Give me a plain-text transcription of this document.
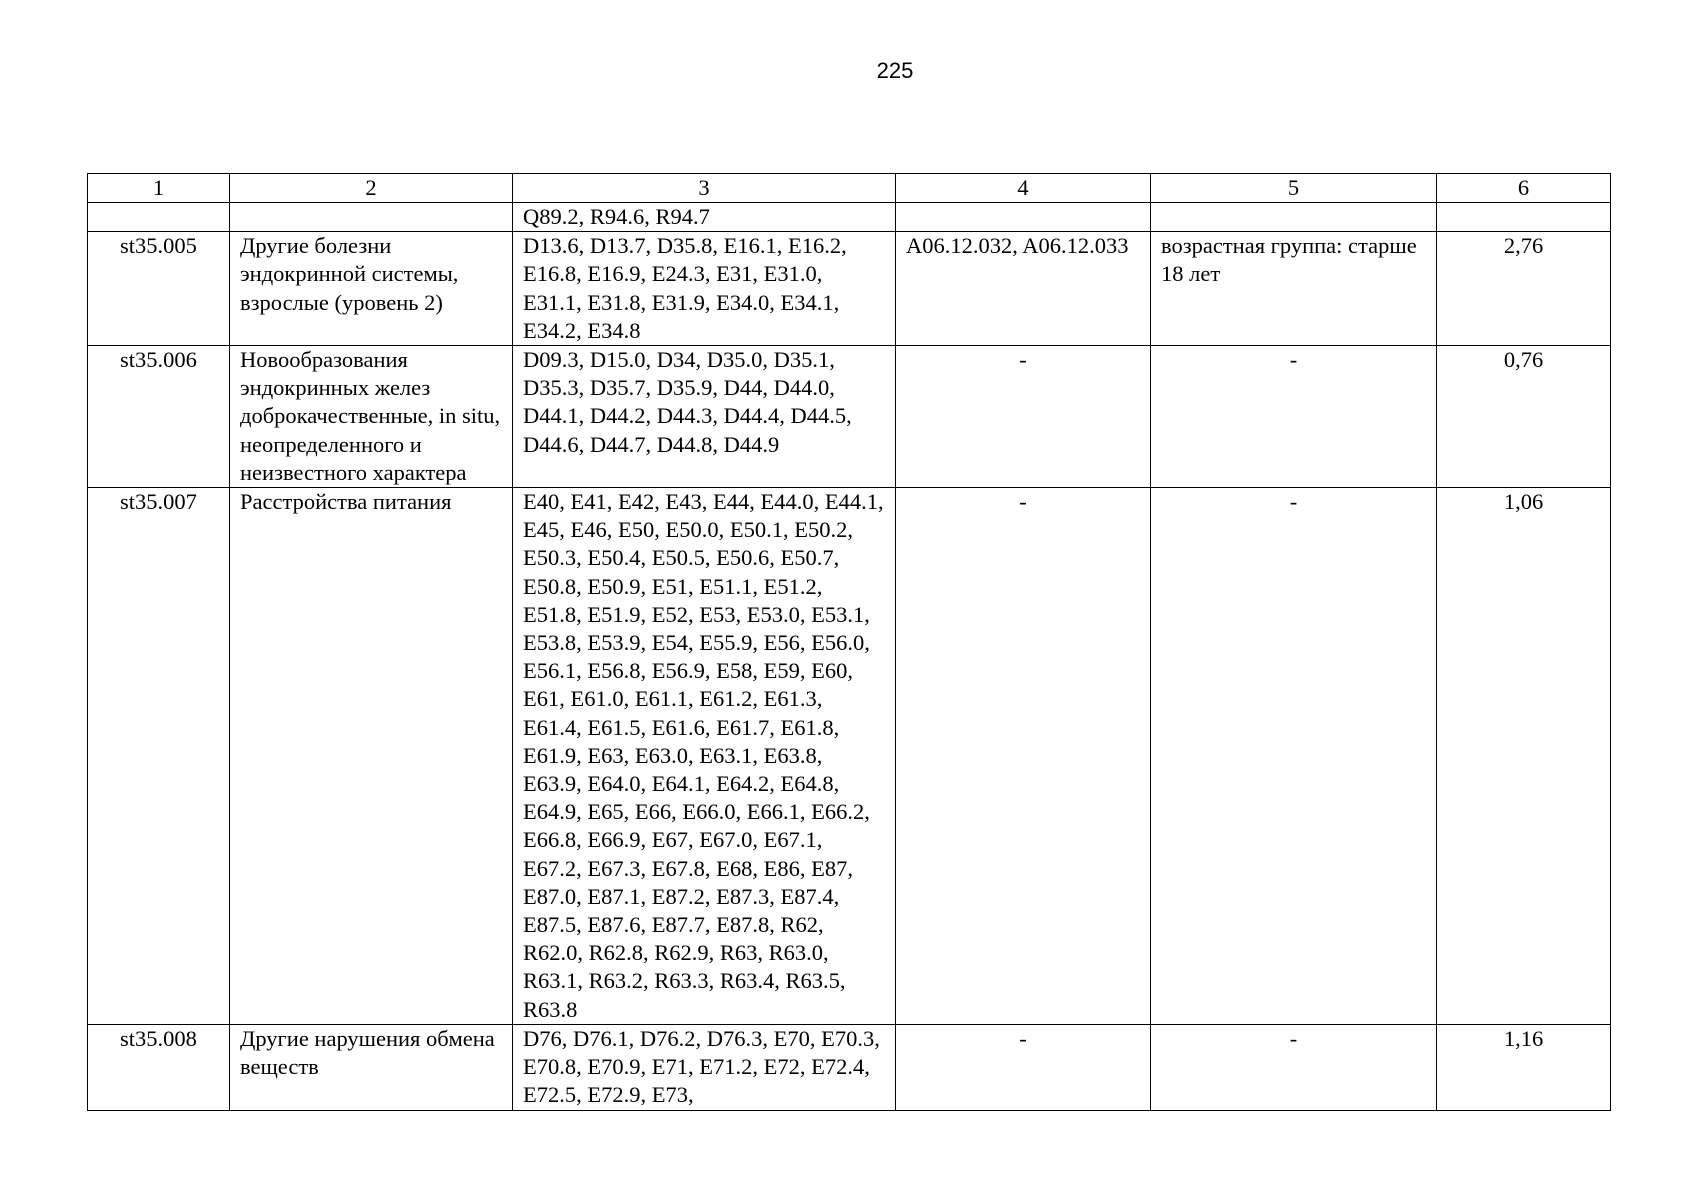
225
1	2	3	4	5	6
		Q89.2, R94.6, R94.7			
st35.005	Другие болезни эндокринной системы, взрослые (уровень 2)	D13.6, D13.7, D35.8, E16.1, E16.2, E16.8, E16.9, E24.3, E31, E31.0, E31.1, E31.8, E31.9, E34.0, E34.1, E34.2, E34.8	A06.12.032, A06.12.033	возрастная группа: старше 18 лет	2,76
st35.006	Новообразования эндокринных желез доброкачественные, in situ, неопределенного и неизвестного характера	D09.3, D15.0, D34, D35.0, D35.1, D35.3, D35.7, D35.9, D44, D44.0, D44.1, D44.2, D44.3, D44.4, D44.5, D44.6, D44.7, D44.8, D44.9	-	-	0,76
st35.007	Расстройства питания	E40, E41, E42, E43, E44, E44.0, E44.1, E45, E46, E50, E50.0, E50.1, E50.2, E50.3, E50.4, E50.5, E50.6, E50.7, E50.8, E50.9, E51, E51.1, E51.2, E51.8, E51.9, E52, E53, E53.0, E53.1, E53.8, E53.9, E54, E55.9, E56, E56.0, E56.1, E56.8, E56.9, E58, E59, E60, E61, E61.0, E61.1, E61.2, E61.3, E61.4, E61.5, E61.6, E61.7, E61.8, E61.9, E63, E63.0, E63.1, E63.8, E63.9, E64.0, E64.1, E64.2, E64.8, E64.9, E65, E66, E66.0, E66.1, E66.2, E66.8, E66.9, E67, E67.0, E67.1, E67.2, E67.3, E67.8, E68, E86, E87, E87.0, E87.1, E87.2, E87.3, E87.4, E87.5, E87.6, E87.7, E87.8, R62, R62.0, R62.8, R62.9, R63, R63.0, R63.1, R63.2, R63.3, R63.4, R63.5, R63.8	-	-	1,06
st35.008	Другие нарушения обмена веществ	D76, D76.1, D76.2, D76.3, E70, E70.3, E70.8, E70.9, E71, E71.2, E72, E72.4, E72.5, E72.9, E73,	-	-	1,16
